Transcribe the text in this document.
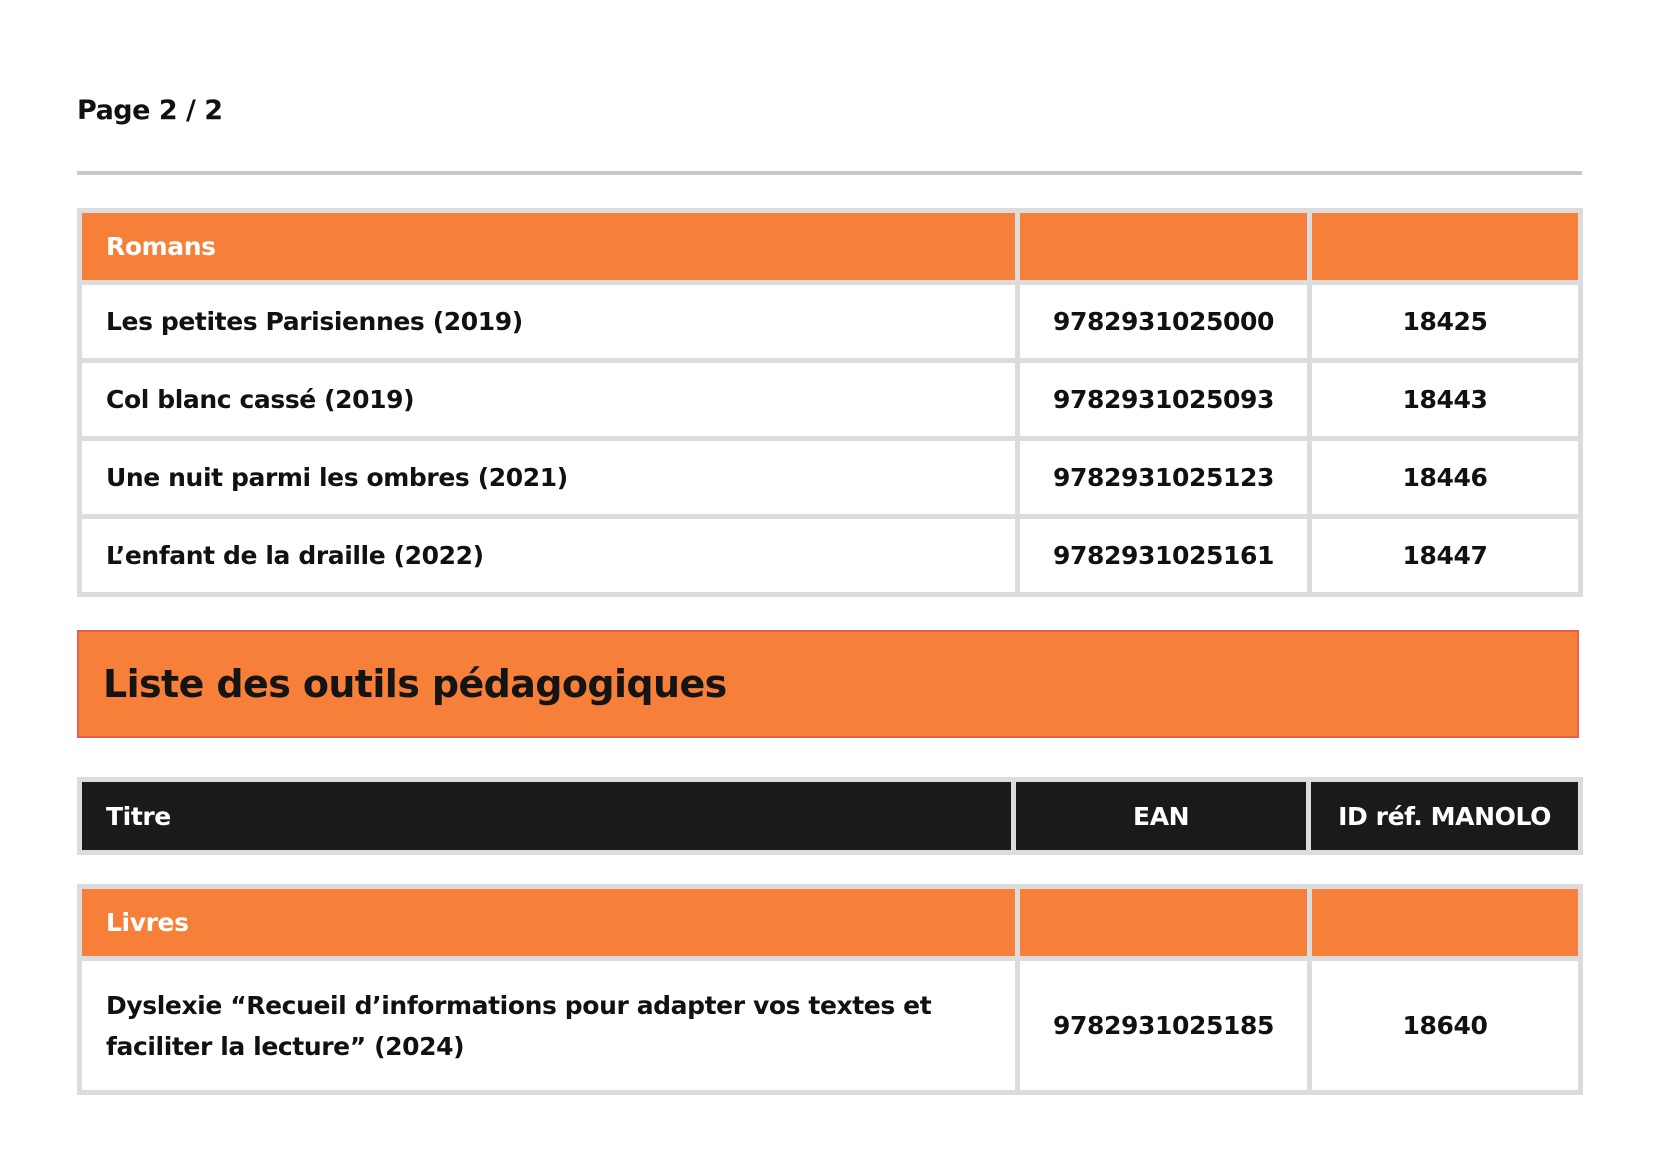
Page 2 / 2
Romans		
Les petites Parisiennes (2019)	9782931025000	18425
Col blanc cassé (2019)	9782931025093	18443
Une nuit parmi les ombres (2021)	9782931025123	18446
L’enfant de la draille (2022)	9782931025161	18447
Liste des outils pédagogiques
Titre	EAN	ID réf. MANOLO
Livres		

Dyslexie “Recueil d’informations pour adapter vos textes et
faciliter la lecture” (2024)	9782931025185	18640
